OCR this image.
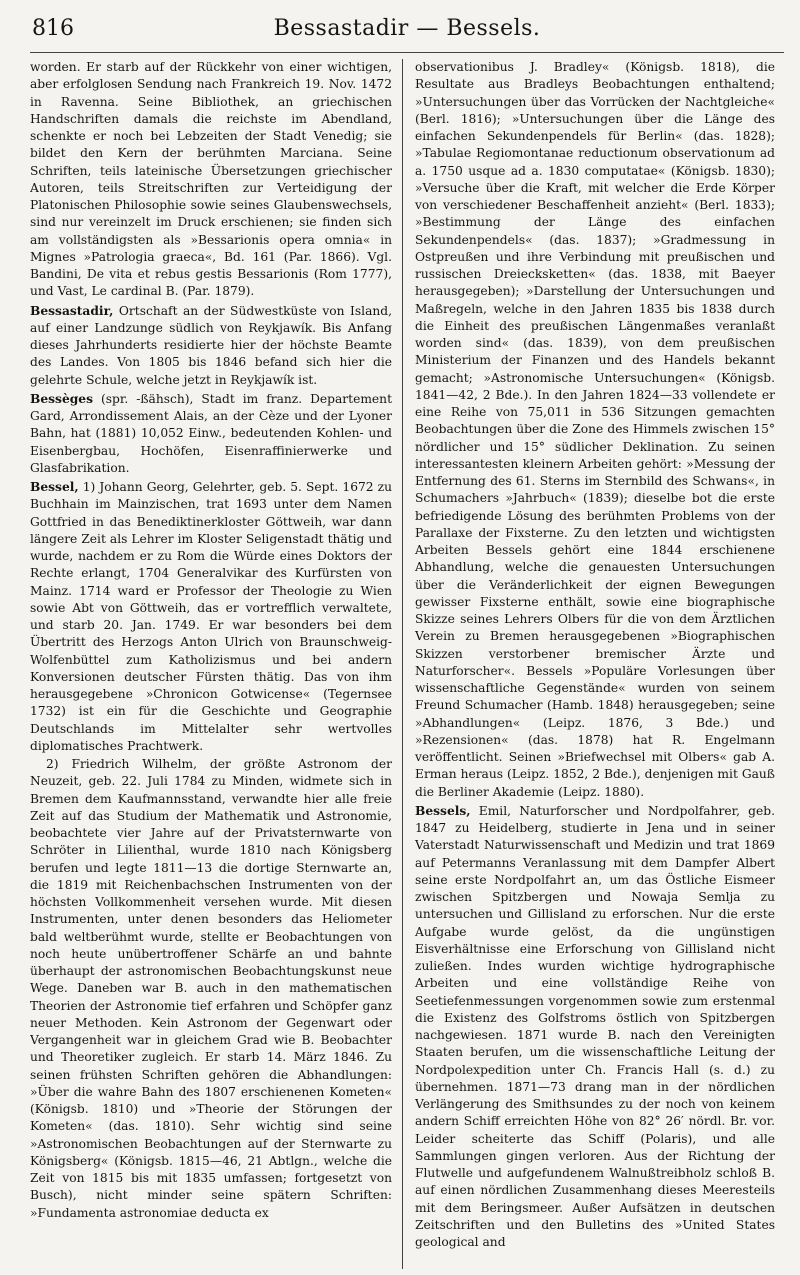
816	Bessastadir — Bessels.

worden. Er starb auf der Rückkehr von einer wichtigen, aber erfolglosen Sendung nach Frankreich 19. Nov. 1472 in Ravenna. Seine Bibliothek, an griechischen Handschriften damals die reichste im Abendland, schenkte er noch bei Lebzeiten der Stadt Venedig; sie bildet den Kern der berühmten Marciana. Seine Schriften, teils lateinische Übersetzungen griechischer Autoren, teils Streitschriften zur Verteidigung der Platonischen Philosophie sowie seines Glaubenswechsels, sind nur vereinzelt im Druck erschienen; sie finden sich am vollständigsten als »Bessarionis opera omnia« in Mignes »Patrologia graeca«, Bd. 161 (Par. 1866). Vgl. Bandini, De vita et rebus gestis Bessarionis (Rom 1777), und Vast, Le cardinal B. (Par. 1879).

Bessastadir, Ortschaft an der Südwestküste von Island, auf einer Landzunge südlich von Reykjawík. Bis Anfang dieses Jahrhunderts residierte hier der höchste Beamte des Landes. Von 1805 bis 1846 befand sich hier die gelehrte Schule, welche jetzt in Reykjawík ist.

Bessèges (spr. -ßähsch), Stadt im franz. Departement Gard, Arrondissement Alais, an der Cèze und der Lyoner Bahn, hat (1881) 10,052 Einw., bedeutenden Kohlen- und Eisenbergbau, Hochöfen, Eisenraffinierwerke und Glasfabrikation.

Bessel, 1) Johann Georg, Gelehrter, geb. 5. Sept. 1672 zu Buchhain im Mainzischen, trat 1693 unter dem Namen Gottfried in das Benediktinerkloster Göttweih, war dann längere Zeit als Lehrer im Kloster Seligenstadt thätig und wurde, nachdem er zu Rom die Würde eines Doktors der Rechte erlangt, 1704 Generalvikar des Kurfürsten von Mainz. 1714 ward er Professor der Theologie zu Wien sowie Abt von Göttweih, das er vortrefflich verwaltete, und starb 20. Jan. 1749. Er war besonders bei dem Übertritt des Herzogs Anton Ulrich von Braunschweig-Wolfenbüttel zum Katholizismus und bei andern Konversionen deutscher Fürsten thätig. Das von ihm herausgegebene »Chronicon Gotwicense« (Tegernsee 1732) ist ein für die Geschichte und Geographie Deutschlands im Mittelalter sehr wertvolles diplomatisches Prachtwerk.

2) Friedrich Wilhelm, der größte Astronom der Neuzeit, geb. 22. Juli 1784 zu Minden, widmete sich in Bremen dem Kaufmannsstand, verwandte hier alle freie Zeit auf das Studium der Mathematik und Astronomie, beobachtete vier Jahre auf der Privatsternwarte von Schröter in Lilienthal, wurde 1810 nach Königsberg berufen und legte 1811—13 die dortige Sternwarte an, die 1819 mit Reichenbachschen Instrumenten von der höchsten Vollkommenheit versehen wurde. Mit diesen Instrumenten, unter denen besonders das Heliometer bald weltberühmt wurde, stellte er Beobachtungen von noch heute unübertroffener Schärfe an und bahnte überhaupt der astronomischen Beobachtungskunst neue Wege. Daneben war B. auch in den mathematischen Theorien der Astronomie tief erfahren und Schöpfer ganz neuer Methoden. Kein Astronom der Gegenwart oder Vergangenheit war in gleichem Grad wie B. Beobachter und Theoretiker zugleich. Er starb 14. März 1846. Zu seinen frühsten Schriften gehören die Abhandlungen: »Über die wahre Bahn des 1807 erschienenen Kometen« (Königsb. 1810) und »Theorie der Störungen der Kometen« (das. 1810). Sehr wichtig sind seine »Astronomischen Beobachtungen auf der Sternwarte zu Königsberg« (Königsb. 1815—46, 21 Abtlgn., welche die Zeit von 1815 bis mit 1835 umfassen; fortgesetzt von Busch), nicht minder seine spätern Schriften: »Fundamenta astronomiae deducta ex

observationibus J. Bradley« (Königsb. 1818), die Resultate aus Bradleys Beobachtungen enthaltend; »Untersuchungen über das Vorrücken der Nachtgleiche« (Berl. 1816); »Untersuchungen über die Länge des einfachen Sekundenpendels für Berlin« (das. 1828); »Tabulae Regiomontanae reductionum observationum ad a. 1750 usque ad a. 1830 computatae« (Königsb. 1830); »Versuche über die Kraft, mit welcher die Erde Körper von verschiedener Beschaffenheit anzieht« (Berl. 1833); »Bestimmung der Länge des einfachen Sekundenpendels« (das. 1837); »Gradmessung in Ostpreußen und ihre Verbindung mit preußischen und russischen Dreiecksketten« (das. 1838, mit Baeyer herausgegeben); »Darstellung der Untersuchungen und Maßregeln, welche in den Jahren 1835 bis 1838 durch die Einheit des preußischen Längenmaßes veranlaßt worden sind« (das. 1839), von dem preußischen Ministerium der Finanzen und des Handels bekannt gemacht; »Astronomische Untersuchungen« (Königsb. 1841—42, 2 Bde.). In den Jahren 1824—33 vollendete er eine Reihe von 75,011 in 536 Sitzungen gemachten Beobachtungen über die Zone des Himmels zwischen 15° nördlicher und 15° südlicher Deklination. Zu seinen interessantesten kleinern Arbeiten gehört: »Messung der Entfernung des 61. Sterns im Sternbild des Schwans«, in Schumachers »Jahrbuch« (1839); dieselbe bot die erste befriedigende Lösung des berühmten Problems von der Parallaxe der Fixsterne. Zu den letzten und wichtigsten Arbeiten Bessels gehört eine 1844 erschienene Abhandlung, welche die genauesten Untersuchungen über die Veränderlichkeit der eignen Bewegungen gewisser Fixsterne enthält, sowie eine biographische Skizze seines Lehrers Olbers für die von dem Ärztlichen Verein zu Bremen herausgegebenen »Biographischen Skizzen verstorbener bremischer Ärzte und Naturforscher«. Bessels »Populäre Vorlesungen über wissenschaftliche Gegenstände« wurden von seinem Freund Schumacher (Hamb. 1848) herausgegeben; seine »Abhandlungen« (Leipz. 1876, 3 Bde.) und »Rezensionen« (das. 1878) hat R. Engelmann veröffentlicht. Seinen »Briefwechsel mit Olbers« gab A. Erman heraus (Leipz. 1852, 2 Bde.), denjenigen mit Gauß die Berliner Akademie (Leipz. 1880).

Bessels, Emil, Naturforscher und Nordpolfahrer, geb. 1847 zu Heidelberg, studierte in Jena und in seiner Vaterstadt Naturwissenschaft und Medizin und trat 1869 auf Petermanns Veranlassung mit dem Dampfer Albert seine erste Nordpolfahrt an, um das Östliche Eismeer zwischen Spitzbergen und Nowaja Semlja zu untersuchen und Gillisland zu erforschen. Nur die erste Aufgabe wurde gelöst, da die ungünstigen Eisverhältnisse eine Erforschung von Gillisland nicht zuließen. Indes wurden wichtige hydrographische Arbeiten und eine vollständige Reihe von Seetiefenmessungen vorgenommen sowie zum erstenmal die Existenz des Golfstroms östlich von Spitzbergen nachgewiesen. 1871 wurde B. nach den Vereinigten Staaten berufen, um die wissenschaftliche Leitung der Nordpolexpedition unter Ch. Francis Hall (s. d.) zu übernehmen. 1871—73 drang man in der nördlichen Verlängerung des Smithsundes zu der noch von keinem andern Schiff erreichten Höhe von 82° 26′ nördl. Br. vor. Leider scheiterte das Schiff (Polaris), und alle Sammlungen gingen verloren. Aus der Richtung der Flutwelle und aufgefundenem Walnußtreibholz schloß B. auf einen nördlichen Zusammenhang dieses Meeresteils mit dem Beringsmeer. Außer Aufsätzen in deutschen Zeitschriften und den Bulletins des »United States geological and
